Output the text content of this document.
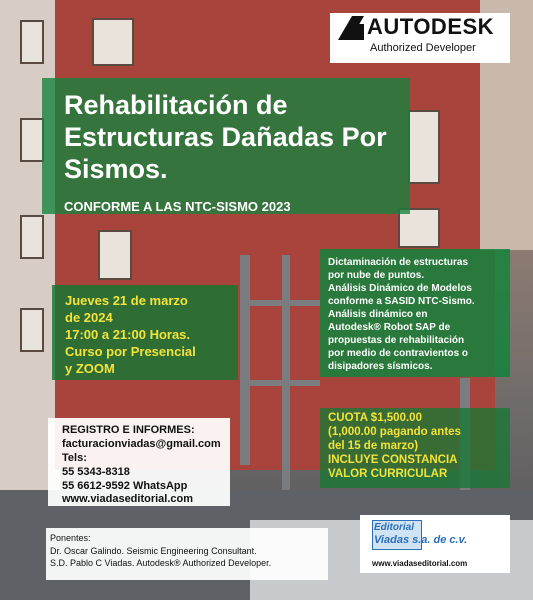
AUTODESK
Authorized Developer
Rehabilitación de Estructuras Dañadas Por Sismos.
CONFORME A LAS NTC-SISMO 2023
Jueves 21 de marzo
de 2024
17:00 a 21:00 Horas.
Curso por Presencial
y ZOOM
Dictaminación de estructuras
por nube de puntos.
Análisis Dinámico de Modelos
conforme a SASID NTC-Sismo.
Análisis dinámico en
Autodesk® Robot SAP de
propuestas de rehabilitación
por medio de contravientos o
disipadores sísmicos.
CUOTA $1,500.00
(1,000.00 pagando antes
del 15 de marzo)
INCLUYE CONSTANCIA
VALOR CURRICULAR
REGISTRO E INFORMES:
facturacionviadas@gmail.com
Tels:
55 5343-8318
55 6612-9592 WhatsApp
www.viadaseditorial.com
Ponentes:
Dr. Oscar Galindo. Seismic Engineering Consultant.
S.D. Pablo C Viadas. Autodesk® Authorized Developer.
Editorial
Viadas s.a. de c.v.
www.viadaseditorial.com
